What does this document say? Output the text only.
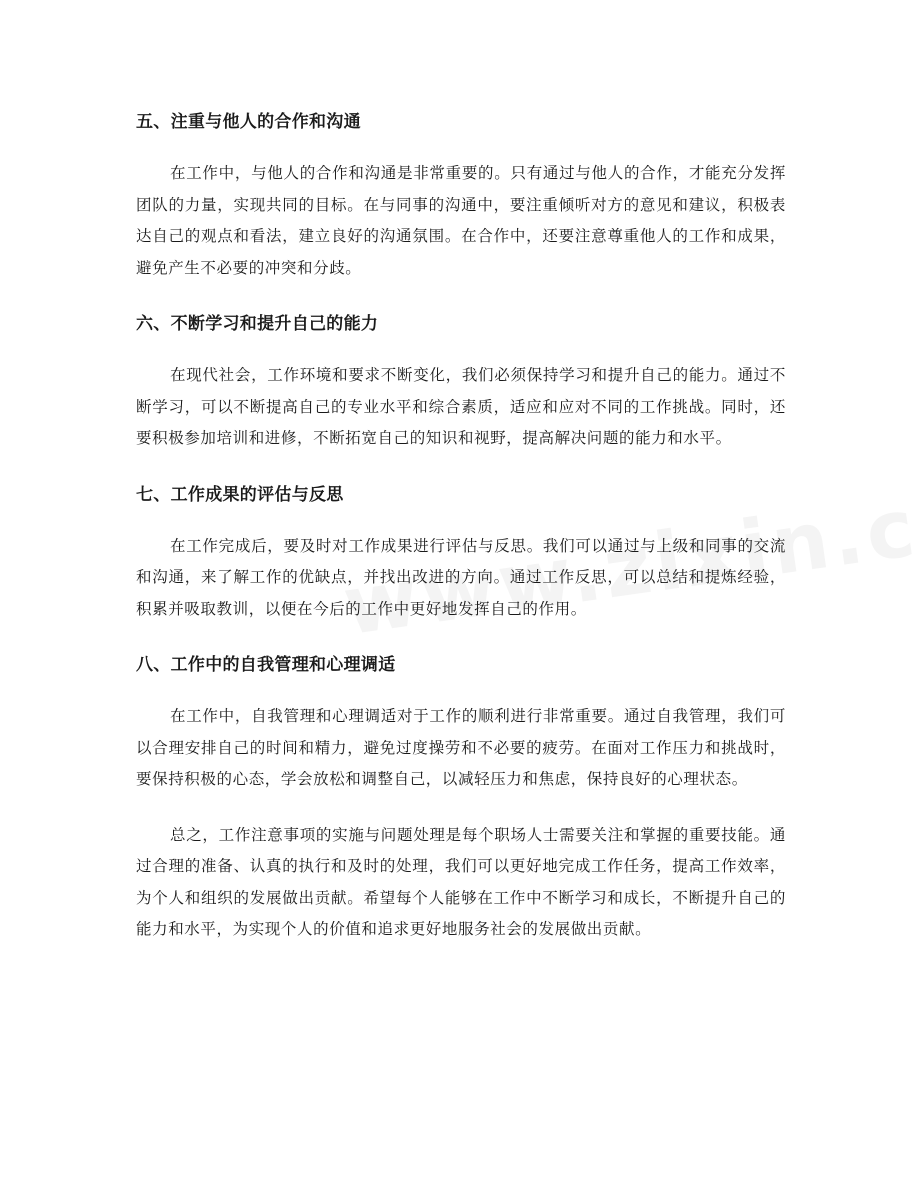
五、注重与他人的合作和沟通

在工作中，与他人的合作和沟通是非常重要的。只有通过与他人的合作，才能充分发挥团队的力量，实现共同的目标。在与同事的沟通中，要注重倾听对方的意见和建议，积极表达自己的观点和看法，建立良好的沟通氛围。在合作中，还要注意尊重他人的工作和成果，避免产生不必要的冲突和分歧。

六、不断学习和提升自己的能力

在现代社会，工作环境和要求不断变化，我们必须保持学习和提升自己的能力。通过不断学习，可以不断提高自己的专业水平和综合素质，适应和应对不同的工作挑战。同时，还要积极参加培训和进修，不断拓宽自己的知识和视野，提高解决问题的能力和水平。

七、工作成果的评估与反思

在工作完成后，要及时对工作成果进行评估与反思。我们可以通过与上级和同事的交流和沟通，来了解工作的优缺点，并找出改进的方向。通过工作反思，可以总结和提炼经验，积累并吸取教训，以便在今后的工作中更好地发挥自己的作用。

八、工作中的自我管理和心理调适

在工作中，自我管理和心理调适对于工作的顺利进行非常重要。通过自我管理，我们可以合理安排自己的时间和精力，避免过度操劳和不必要的疲劳。在面对工作压力和挑战时，要保持积极的心态，学会放松和调整自己，以减轻压力和焦虑，保持良好的心理状态。

总之，工作注意事项的实施与问题处理是每个职场人士需要关注和掌握的重要技能。通过合理的准备、认真的执行和及时的处理，我们可以更好地完成工作任务，提高工作效率，为个人和组织的发展做出贡献。希望每个人能够在工作中不断学习和成长，不断提升自己的能力和水平，为实现个人的价值和追求更好地服务社会的发展做出贡献。
